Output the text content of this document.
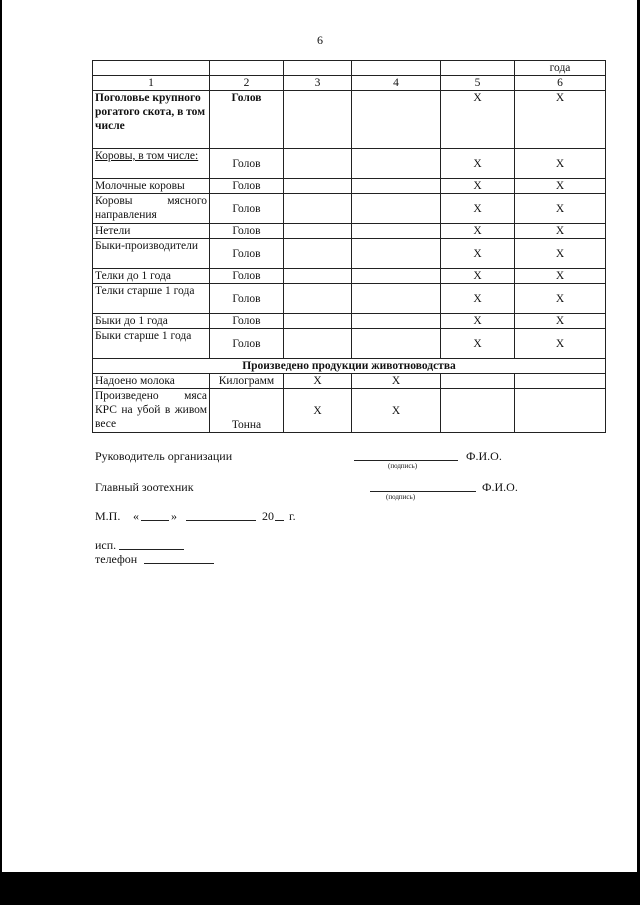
6
					года
1	2	3	4	5	6
Поголовье крупного рогатого скота, в том числе	Голов			X	X
Коровы, в том числе:	Голов			X	X
Молочные коровы	Голов			X	X
Коровы мясного направления	Голов			X	X
Нетели	Голов			X	X
Быки-производители	Голов			X	X
Телки до 1 года	Голов			X	X
Телки старше 1 года	Голов			X	X
Быки до 1 года	Голов			X	X
Быки старше 1 года	Голов			X	X
Произведено продукции животноводства					
Надоено молока	Килограмм	X	X		
Произведено мяса КРС на убой в живом весе	Тонна	X	X		
Руководитель организации
(подпись)
Ф.И.О.
Главный зоотехник
(подпись)
Ф.И.О.
М.П. «	»	20 г.
исп.
телефон
